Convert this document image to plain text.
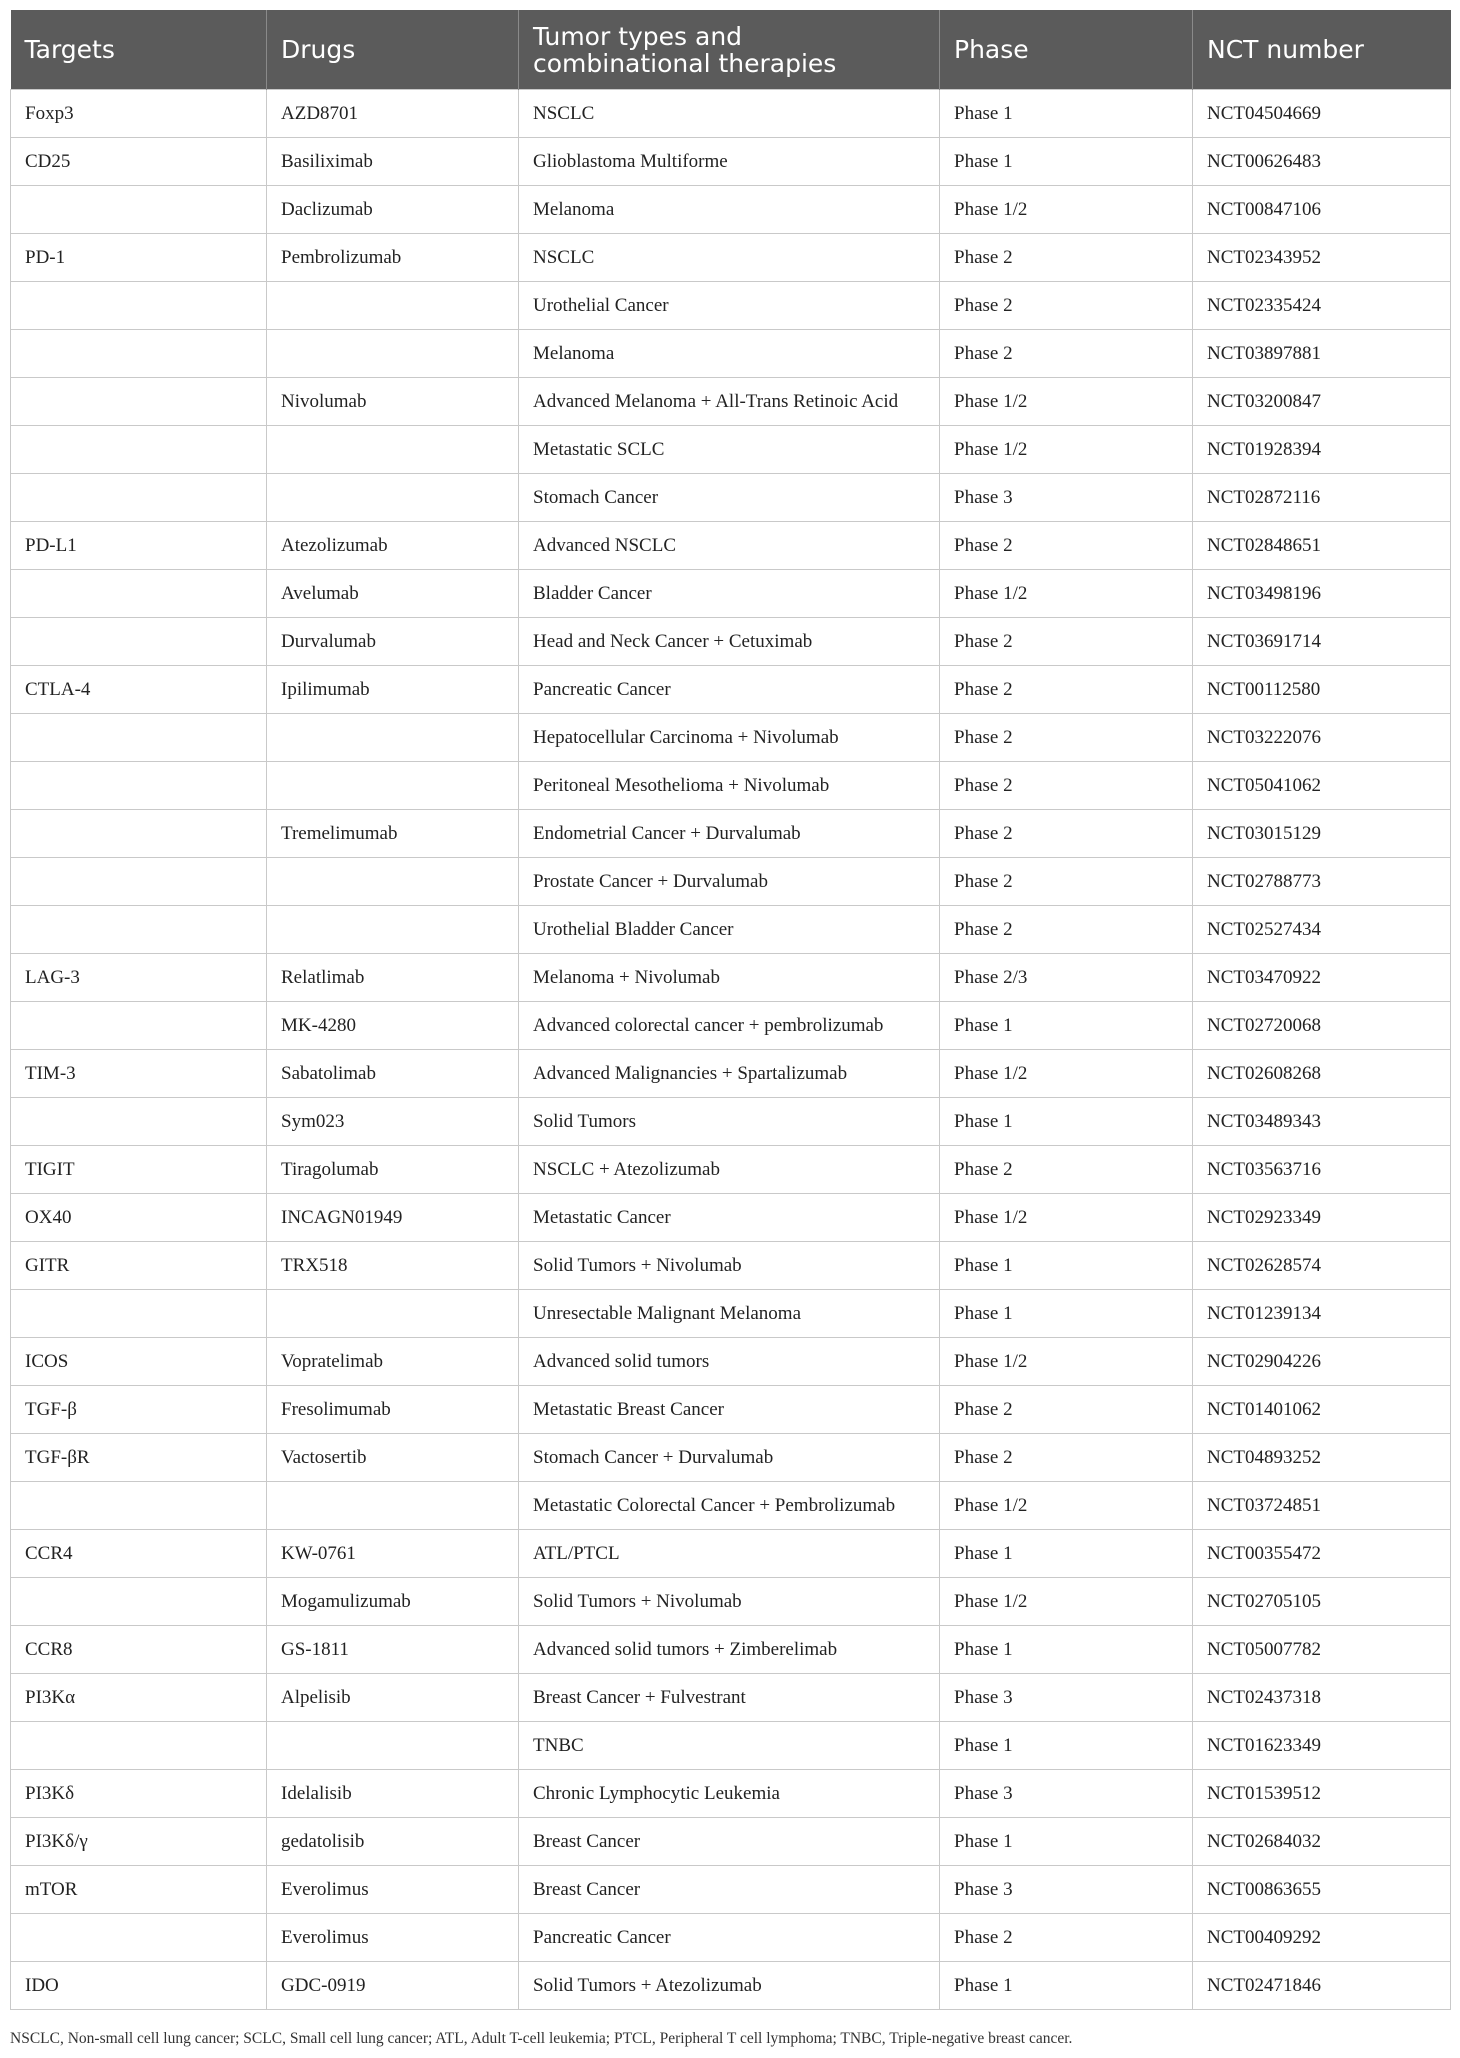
Targets	Drugs	Tumor types and combinational therapies	Phase	NCT number
Foxp3	AZD8701	NSCLC	Phase 1	NCT04504669
CD25	Basiliximab	Glioblastoma Multiforme	Phase 1	NCT00626483
	Daclizumab	Melanoma	Phase 1/2	NCT00847106
PD-1	Pembrolizumab	NSCLC	Phase 2	NCT02343952
		Urothelial Cancer	Phase 2	NCT02335424
		Melanoma	Phase 2	NCT03897881
	Nivolumab	Advanced Melanoma + All-Trans Retinoic Acid	Phase 1/2	NCT03200847
		Metastatic SCLC	Phase 1/2	NCT01928394
		Stomach Cancer	Phase 3	NCT02872116
PD-L1	Atezolizumab	Advanced NSCLC	Phase 2	NCT02848651
	Avelumab	Bladder Cancer	Phase 1/2	NCT03498196
	Durvalumab	Head and Neck Cancer + Cetuximab	Phase 2	NCT03691714
CTLA-4	Ipilimumab	Pancreatic Cancer	Phase 2	NCT00112580
		Hepatocellular Carcinoma + Nivolumab	Phase 2	NCT03222076
		Peritoneal Mesothelioma + Nivolumab	Phase 2	NCT05041062
	Tremelimumab	Endometrial Cancer + Durvalumab	Phase 2	NCT03015129
		Prostate Cancer + Durvalumab	Phase 2	NCT02788773
		Urothelial Bladder Cancer	Phase 2	NCT02527434
LAG-3	Relatlimab	Melanoma + Nivolumab	Phase 2/3	NCT03470922
	MK-4280	Advanced colorectal cancer + pembrolizumab	Phase 1	NCT02720068
TIM-3	Sabatolimab	Advanced Malignancies + Spartalizumab	Phase 1/2	NCT02608268
	Sym023	Solid Tumors	Phase 1	NCT03489343
TIGIT	Tiragolumab	NSCLC + Atezolizumab	Phase 2	NCT03563716
OX40	INCAGN01949	Metastatic Cancer	Phase 1/2	NCT02923349
GITR	TRX518	Solid Tumors + Nivolumab	Phase 1	NCT02628574
		Unresectable Malignant Melanoma	Phase 1	NCT01239134
ICOS	Vopratelimab	Advanced solid tumors	Phase 1/2	NCT02904226
TGF-β	Fresolimumab	Metastatic Breast Cancer	Phase 2	NCT01401062
TGF-βR	Vactosertib	Stomach Cancer + Durvalumab	Phase 2	NCT04893252
		Metastatic Colorectal Cancer + Pembrolizumab	Phase 1/2	NCT03724851
CCR4	KW-0761	ATL/PTCL	Phase 1	NCT00355472
	Mogamulizumab	Solid Tumors + Nivolumab	Phase 1/2	NCT02705105
CCR8	GS-1811	Advanced solid tumors + Zimberelimab	Phase 1	NCT05007782
PI3Kα	Alpelisib	Breast Cancer + Fulvestrant	Phase 3	NCT02437318
		TNBC	Phase 1	NCT01623349
PI3Kδ	Idelalisib	Chronic Lymphocytic Leukemia	Phase 3	NCT01539512
PI3Kδ/γ	gedatolisib	Breast Cancer	Phase 1	NCT02684032
mTOR	Everolimus	Breast Cancer	Phase 3	NCT00863655
	Everolimus	Pancreatic Cancer	Phase 2	NCT00409292
IDO	GDC-0919	Solid Tumors + Atezolizumab	Phase 1	NCT02471846
NSCLC, Non-small cell lung cancer; SCLC, Small cell lung cancer; ATL, Adult T-cell leukemia; PTCL, Peripheral T cell lymphoma; TNBC, Triple-negative breast cancer.
